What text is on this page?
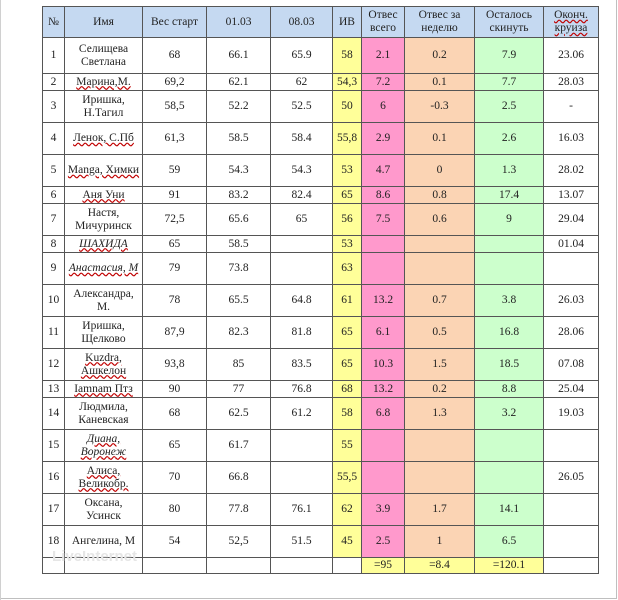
№	Имя	Вес старт	01.03	08.03	ИВ	Отвес всего	Отвес за неделю	Осталось скинуть	Оконч. круиза
1	Селищева Светлана	68	66.1	65.9	58	2.1	0.2	7.9	23.06
2	Марина,М.	69,2	62.1	62	54,3	7.2	0.1	7.7	28.03
3	Иришка, Н.Тагил	58,5	52.2	52.5	50	6	-0.3	2.5	-
4	Ленок, С.Пб	61,3	58.5	58.4	55,8	2.9	0.1	2.6	16.03
5	Manga, Химки	59	54.3	54.3	53	4.7	0	1.3	28.02
6	Аня Уни	91	83.2	82.4	65	8.6	0.8	17.4	13.07
7	Настя, Мичуринск	72,5	65.6	65	56	7.5	0.6	9	29.04
8	ШАХИДА	65	58.5		53				01.04
9	Анастасия, М	79	73.8		63				
10	Александра, М.	78	65.5	64.8	61	13.2	0.7	3.8	26.03
11	Иришка, Щелково	87,9	82.3	81.8	65	6.1	0.5	16.8	28.06
12	Kuzdra, Ашкелон	93,8	85	83.5	65	10.3	1.5	18.5	07.08
13	Iamnam Птз	90	77	76.8	68	13.2	0.2	8.8	25.04
14	Людмила, Каневская	68	62.5	61.2	58	6.8	1.3	3.2	19.03
15	Диана, Воронеж	65	61.7		55				
16	Алиса, Великобр.	70	66.8		55,5				26.05
17	Оксана, Усинск	80	77.8	76.1	62	3.9	1.7	14.1	
18	Ангелина, М	54	52,5	51.5	45	2.5	1	6.5	
						=95	=8.4	=120.1	
LiveInternet
